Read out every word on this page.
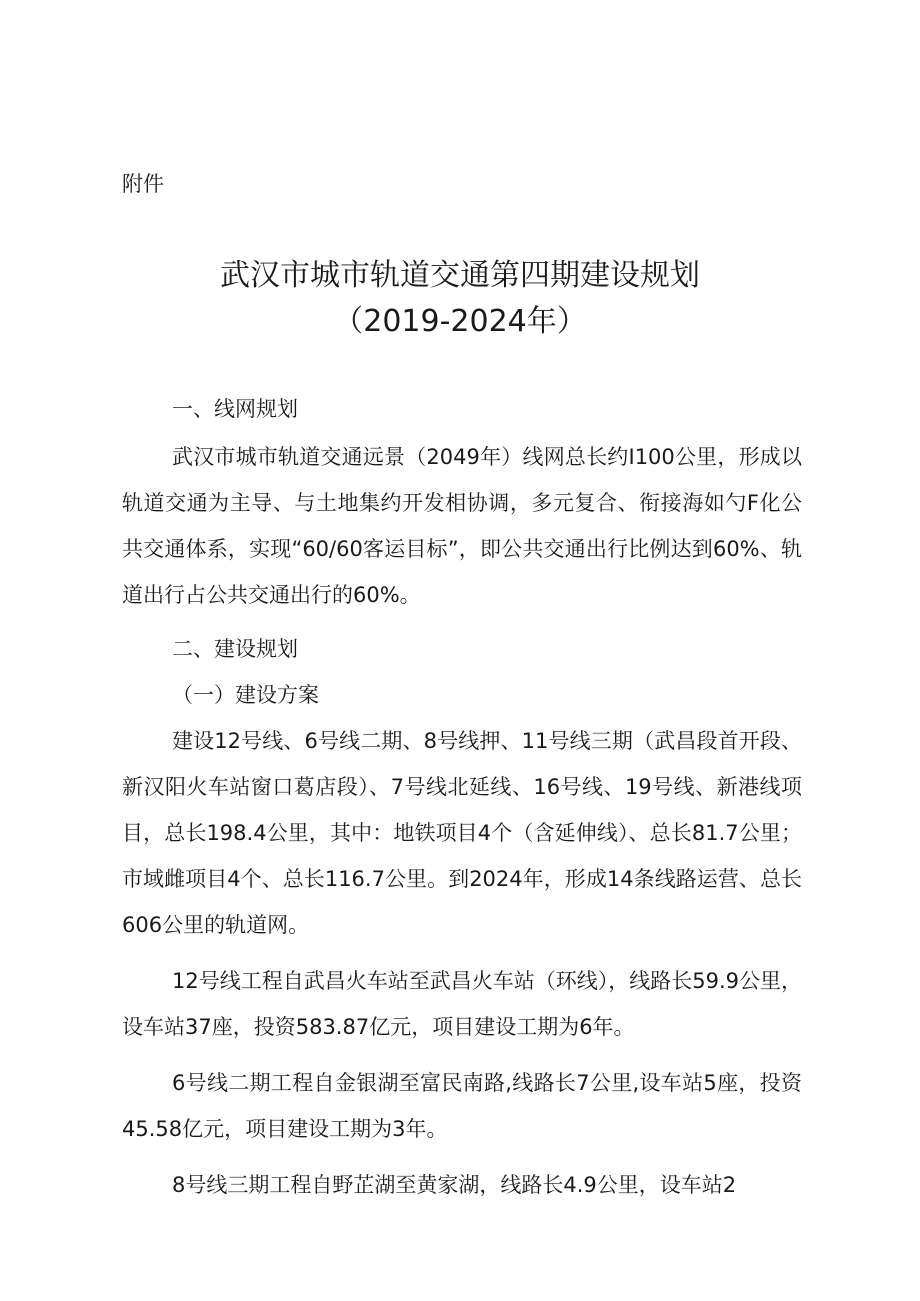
附件
武汉市城市轨道交通第四期建设规划
（2019-2024年）
一、线网规划

武汉市城市轨道交通远景（2049年）线网总长约I100公里，形成以轨道交通为主导、与土地集约开发相协调，多元复合、衔接海如勺F化公共交通体系，实现“60/60客运目标”，即公共交通出行比例达到60%、轨道出行占公共交通出行的60%。

二、建设规划
（一）建设方案

建设12号线、6号线二期、8号线押、11号线三期（武昌段首开段、新汉阳火车站窗口葛店段）、7号线北延线、16号线、19号线、新港线项目，总长198.4公里，其中：地铁项目4个（含延伸线）、总长81.7公里；市域雌项目4个、总长116.7公里。到2024年，形成14条线路运营、总长606公里的轨道网。

12号线工程自武昌火车站至武昌火车站（环线），线路长59.9公里，设车站37座，投资583.87亿元，项目建设工期为6年。

6号线二期工程自金银湖至富民南路,线路长7公里,设车站5座，投资45.58亿元，项目建设工期为3年。

8号线三期工程自野芷湖至黄家湖，线路长4.9公里，设车站2
